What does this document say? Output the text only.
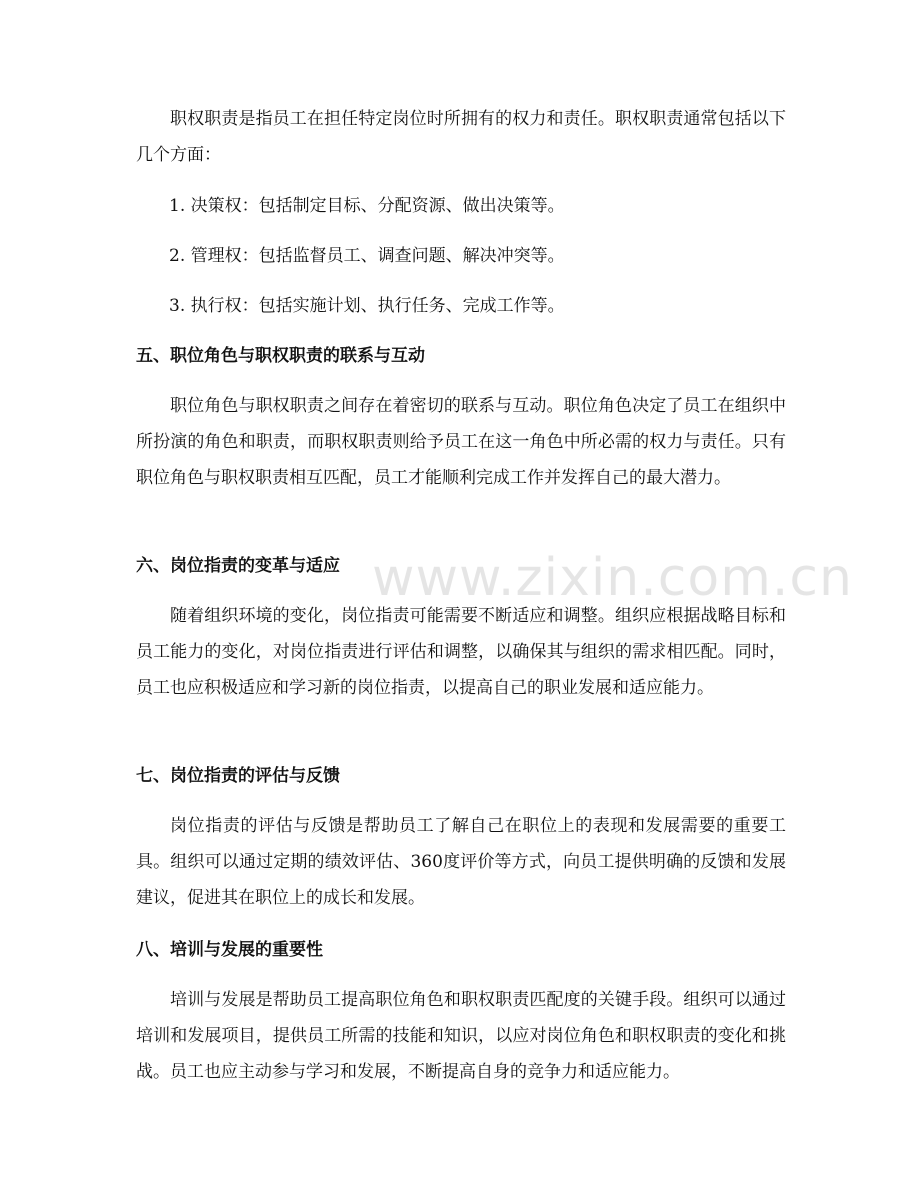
www.zixin.com.cn

职权职责是指员工在担任特定岗位时所拥有的权力和责任。职权职责通常包括以下几个方面：

1. 决策权：包括制定目标、分配资源、做出决策等。

2. 管理权：包括监督员工、调查问题、解决冲突等。

3. 执行权：包括实施计划、执行任务、完成工作等。

五、职位角色与职权职责的联系与互动

职位角色与职权职责之间存在着密切的联系与互动。职位角色决定了员工在组织中所扮演的角色和职责，而职权职责则给予员工在这一角色中所必需的权力与责任。只有职位角色与职权职责相互匹配，员工才能顺利完成工作并发挥自己的最大潜力。

六、岗位指责的变革与适应

随着组织环境的变化，岗位指责可能需要不断适应和调整。组织应根据战略目标和员工能力的变化，对岗位指责进行评估和调整，以确保其与组织的需求相匹配。同时，员工也应积极适应和学习新的岗位指责，以提高自己的职业发展和适应能力。

七、岗位指责的评估与反馈

岗位指责的评估与反馈是帮助员工了解自己在职位上的表现和发展需要的重要工具。组织可以通过定期的绩效评估、360度评价等方式，向员工提供明确的反馈和发展建议，促进其在职位上的成长和发展。

八、培训与发展的重要性

培训与发展是帮助员工提高职位角色和职权职责匹配度的关键手段。组织可以通过培训和发展项目，提供员工所需的技能和知识，以应对岗位角色和职权职责的变化和挑战。员工也应主动参与学习和发展，不断提高自身的竞争力和适应能力。
